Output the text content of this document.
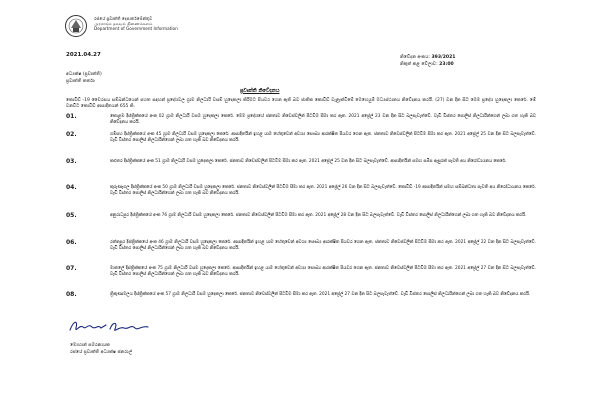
රජයේ ප්‍රවෘත්ති දෙපාර්තමේන්තුව
அரசாங்க தகவல் திணைக்களம்
Department of Government Information
2021.04.27	නිවේදන අංකය: 393/2021
නිකුත් කළ වේලාව: 23:00
අධ්‍යක්ෂ (ප්‍රවෘත්ති)
ප්‍රවෘත්ති කර්තෘ
ප්‍රවෘත්ති නිවේදනය
කොවිඩ් -19 වෛරසය සම්බන්ධයෙන් පහත සඳහන් ප්‍රදේශවල ග්‍රාම නිලධාරී වසම් හුදෙකලා කිරීමට පියවර ගෙන ඇති බව ජාතික කොවිඩ් වැළැක්වීමේ මෙහෙයුම් මධ්‍යස්ථානය නිවේදනය කරයි. (27) වන දින සිට මෙම ප්‍රදේශ හුදෙකලා කෙරේ. මේ වනවිට කොවිඩ් ආසාදිතයන් 655 කි.
01.	කොළඹ දිස්ත්‍රික්කයේ අංක 02 ග්‍රාම නිලධාරී වසම හුදෙකලා කෙරේ. මෙම ප්‍රදේශයේ ජනතාව නිවෙස්වලින් පිටවීම සීමා කර ඇත. 2021 අප්‍රේල් 23 වන දින සිට බලපැවැත්වේ. වැඩි විස්තර පොලිස් නිලධාරීන්ගෙන් ලබා ගත හැකි බව නිවේදනය කරයි.
02.	ගම්පහ දිස්ත්‍රික්කයේ අංක 45 ග්‍රාම නිලධාරී වසම හුදෙකලා කෙරේ. ආසාදිතයින් ඉහළ යාම හේතුවෙන් අවශ්‍ය සෞඛ්‍ය ආරක්ෂිත පියවර ගෙන ඇත. ජනතාව නිවෙස්වලින් පිටවීම සීමා කර ඇත. 2021 අප්‍රේල් 25 වන දින සිට බලපැවැත්වේ. වැඩි විස්තර පොලිස් නිලධාරීන්ගෙන් ලබා ගත හැකි බව නිවේදනය කරයි.
03.	කළුතර දිස්ත්‍රික්කයේ අංක 51 ග්‍රාම නිලධාරී වසම හුදෙකලා කෙරේ. ජනතාව නිවෙස්වලින් පිටවීම සීමා කර ඇත. 2021 අප්‍රේල් 25 වන දින සිට බලපැවැත්වේ. ආසාදිතයින් සමඟ සමීප ඇසුරක් පැවති අය නිරෝධායනය කෙරේ.
04.	කුරුණෑගල දිස්ත්‍රික්කයේ අංක 50 ග්‍රාම නිලධාරී වසම හුදෙකලා කෙරේ. ජනතාව නිවෙස්වලින් පිටවීම සීමා කර ඇත. 2021 අප්‍රේල් 26 වන දින සිට බලපැවැත්වේ. කොවිඩ් -19 ආසාදිතයින් සමඟ සම්බන්ධතා පැවති අය නිරෝධායනය කෙරේ. වැඩි විස්තර පොලිස් නිලධාරීන්ගෙන් ලබා ගත හැකි බව නිවේදනය කරයි.
05.	අනුරාධපුර දිස්ත්‍රික්කයේ අංක 76 ග්‍රාම නිලධාරී වසම හුදෙකලා කෙරේ. ජනතාව නිවෙස්වලින් පිටවීම සීමා කර ඇත. 2021 අප්‍රේල් 28 වන දින සිට බලපැවැත්වේ. වැඩි විස්තර පොලිස් නිලධාරීන්ගෙන් ලබා ගත හැකි බව නිවේදනය කරයි.
06.	රත්නපුර දිස්ත්‍රික්කයේ අංක 46 ග්‍රාම නිලධාරී වසම හුදෙකලා කෙරේ. ආසාදිතයින් ඉහළ යාම හේතුවෙන් අවශ්‍ය සෞඛ්‍ය ආරක්ෂිත පියවර ගෙන ඇත. ජනතාව නිවෙස්වලින් පිටවීම සීමා කර ඇත. 2021 අප්‍රේල් 22 වන දින සිට බලපැවැත්වේ. වැඩි විස්තර පොලිස් නිලධාරීන්ගෙන් ලබා ගත හැකි බව නිවේදනය කරයි.
07.	මාතලේ දිස්ත්‍රික්කයේ අංක 75 ග්‍රාම නිලධාරී වසම හුදෙකලා කෙරේ. ආසාදිතයින් ඉහළ යාම හේතුවෙන් අවශ්‍ය සෞඛ්‍ය ආරක්ෂිත පියවර ගෙන ඇත. ජනතාව නිවෙස්වලින් පිටවීම සීමා කර ඇත. 2021 අප්‍රේල් 27 වන දින සිට බලපැවැත්වේ. වැඩි විස්තර පොලිස් නිලධාරීන්ගෙන් ලබා ගත හැකි බව නිවේදනය කරයි.
08.	ත්‍රිකුණාමලය දිස්ත්‍රික්කයේ අංක 57 ග්‍රාම නිලධාරී වසම හුදෙකලා කෙරේ. ජනතාව නිවෙස්වලින් පිටවීම සීමා කර ඇත. 2021 අප්‍රේල් 27 වන දින සිට බලපැවැත්වේ. වැඩි විස්තර පොලිස් නිලධාරීන්ගෙන් ලබා ගත හැකි බව නිවේදනය කරයි.
මොහාන් සමරනායක
රජයේ ප්‍රවෘත්ති අධ්‍යක්ෂ ජනරාල්
